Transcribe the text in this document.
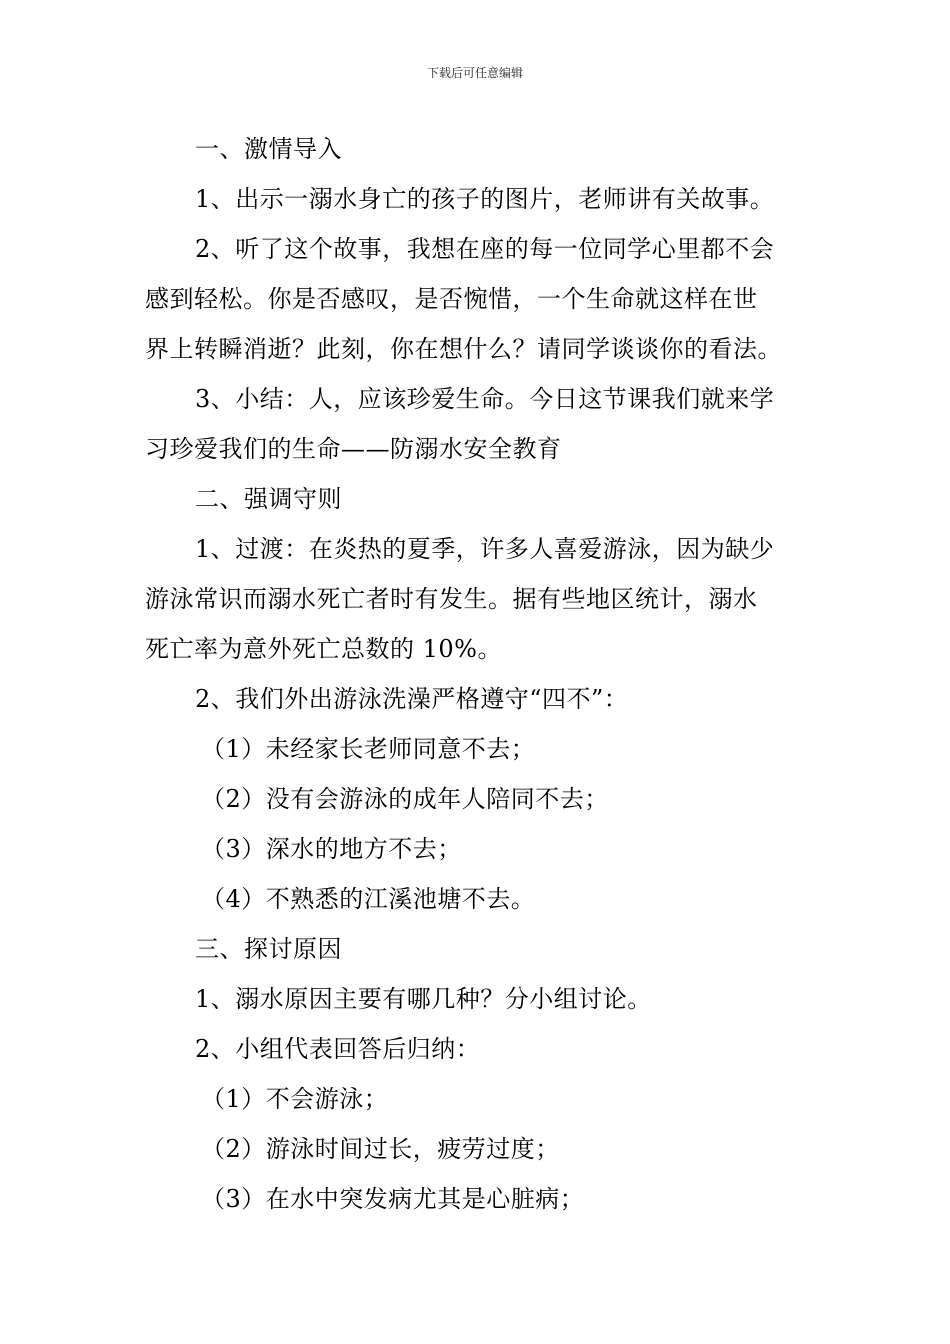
下载后可任意编辑
一、激情导入
1、出示一溺水身亡的孩子的图片，老师讲有关故事。
2、听了这个故事，我想在座的每一位同学心里都不会
感到轻松。你是否感叹，是否惋惜，一个生命就这样在世
界上转瞬消逝？此刻，你在想什么？请同学谈谈你的看法。
3、小结：人，应该珍爱生命。今日这节课我们就来学
习珍爱我们的生命——防溺水安全教育
二、强调守则
1、过渡：在炎热的夏季，许多人喜爱游泳，因为缺少
游泳常识而溺水死亡者时有发生。据有些地区统计，溺水
死亡率为意外死亡总数的 10%。
2、我们外出游泳洗澡严格遵守“四不”：
（1）未经家长老师同意不去；
（2）没有会游泳的成年人陪同不去；
（3）深水的地方不去；
（4）不熟悉的江溪池塘不去。
三、探讨原因
1、溺水原因主要有哪几种？分小组讨论。
2、小组代表回答后归纳：
（1）不会游泳；
（2）游泳时间过长，疲劳过度；
（3）在水中突发病尤其是心脏病；
